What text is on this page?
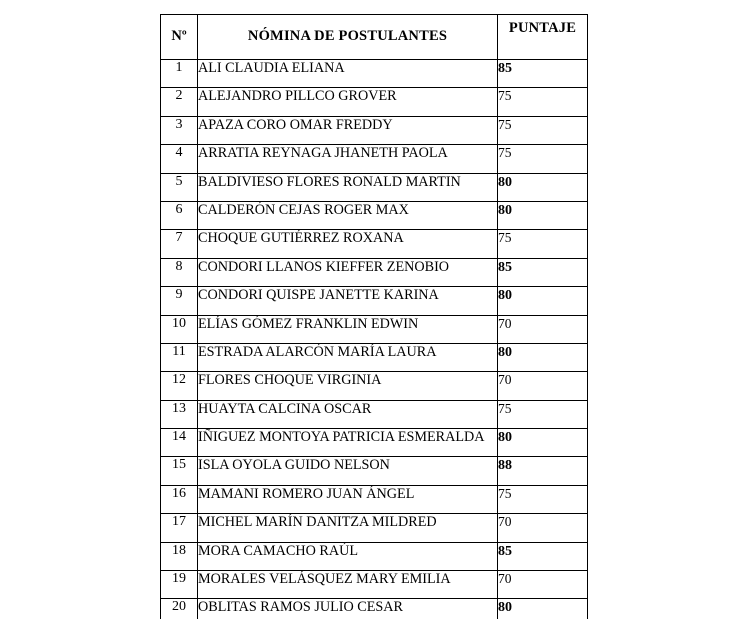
Nº	NÓMINA DE POSTULANTES	PUNTAJE

1	ALI CLAUDIA ELIANA	85

2	ALEJANDRO PILLCO GROVER	75

3	APAZA CORO OMAR FREDDY	75

4	ARRATIA REYNAGA JHANETH PAOLA	75

5	BALDIVIESO FLORES RONALD MARTIN	80

6	CALDERÓN CEJAS ROGER MAX	80

7	CHOQUE GUTIÉRREZ ROXANA	75

8	CONDORI LLANOS KIEFFER ZENOBIO	85

9	CONDORI QUISPE JANETTE KARINA	80

10	ELÍAS GÓMEZ FRANKLIN EDWIN	70

11	ESTRADA ALARCÓN MARÍA LAURA	80

12	FLORES CHOQUE VIRGINIA	70

13	HUAYTA CALCINA OSCAR	75

14	IÑIGUEZ MONTOYA PATRICIA ESMERALDA	80

15	ISLA OYOLA GUIDO NELSON	88

16	MAMANI ROMERO JUAN ÁNGEL	75

17	MICHEL MARÍN DANITZA MILDRED	70

18	MORA CAMACHO RAÚL	85

19	MORALES VELÁSQUEZ MARY EMILIA	70

20	OBLITAS RAMOS JULIO CESAR	80
